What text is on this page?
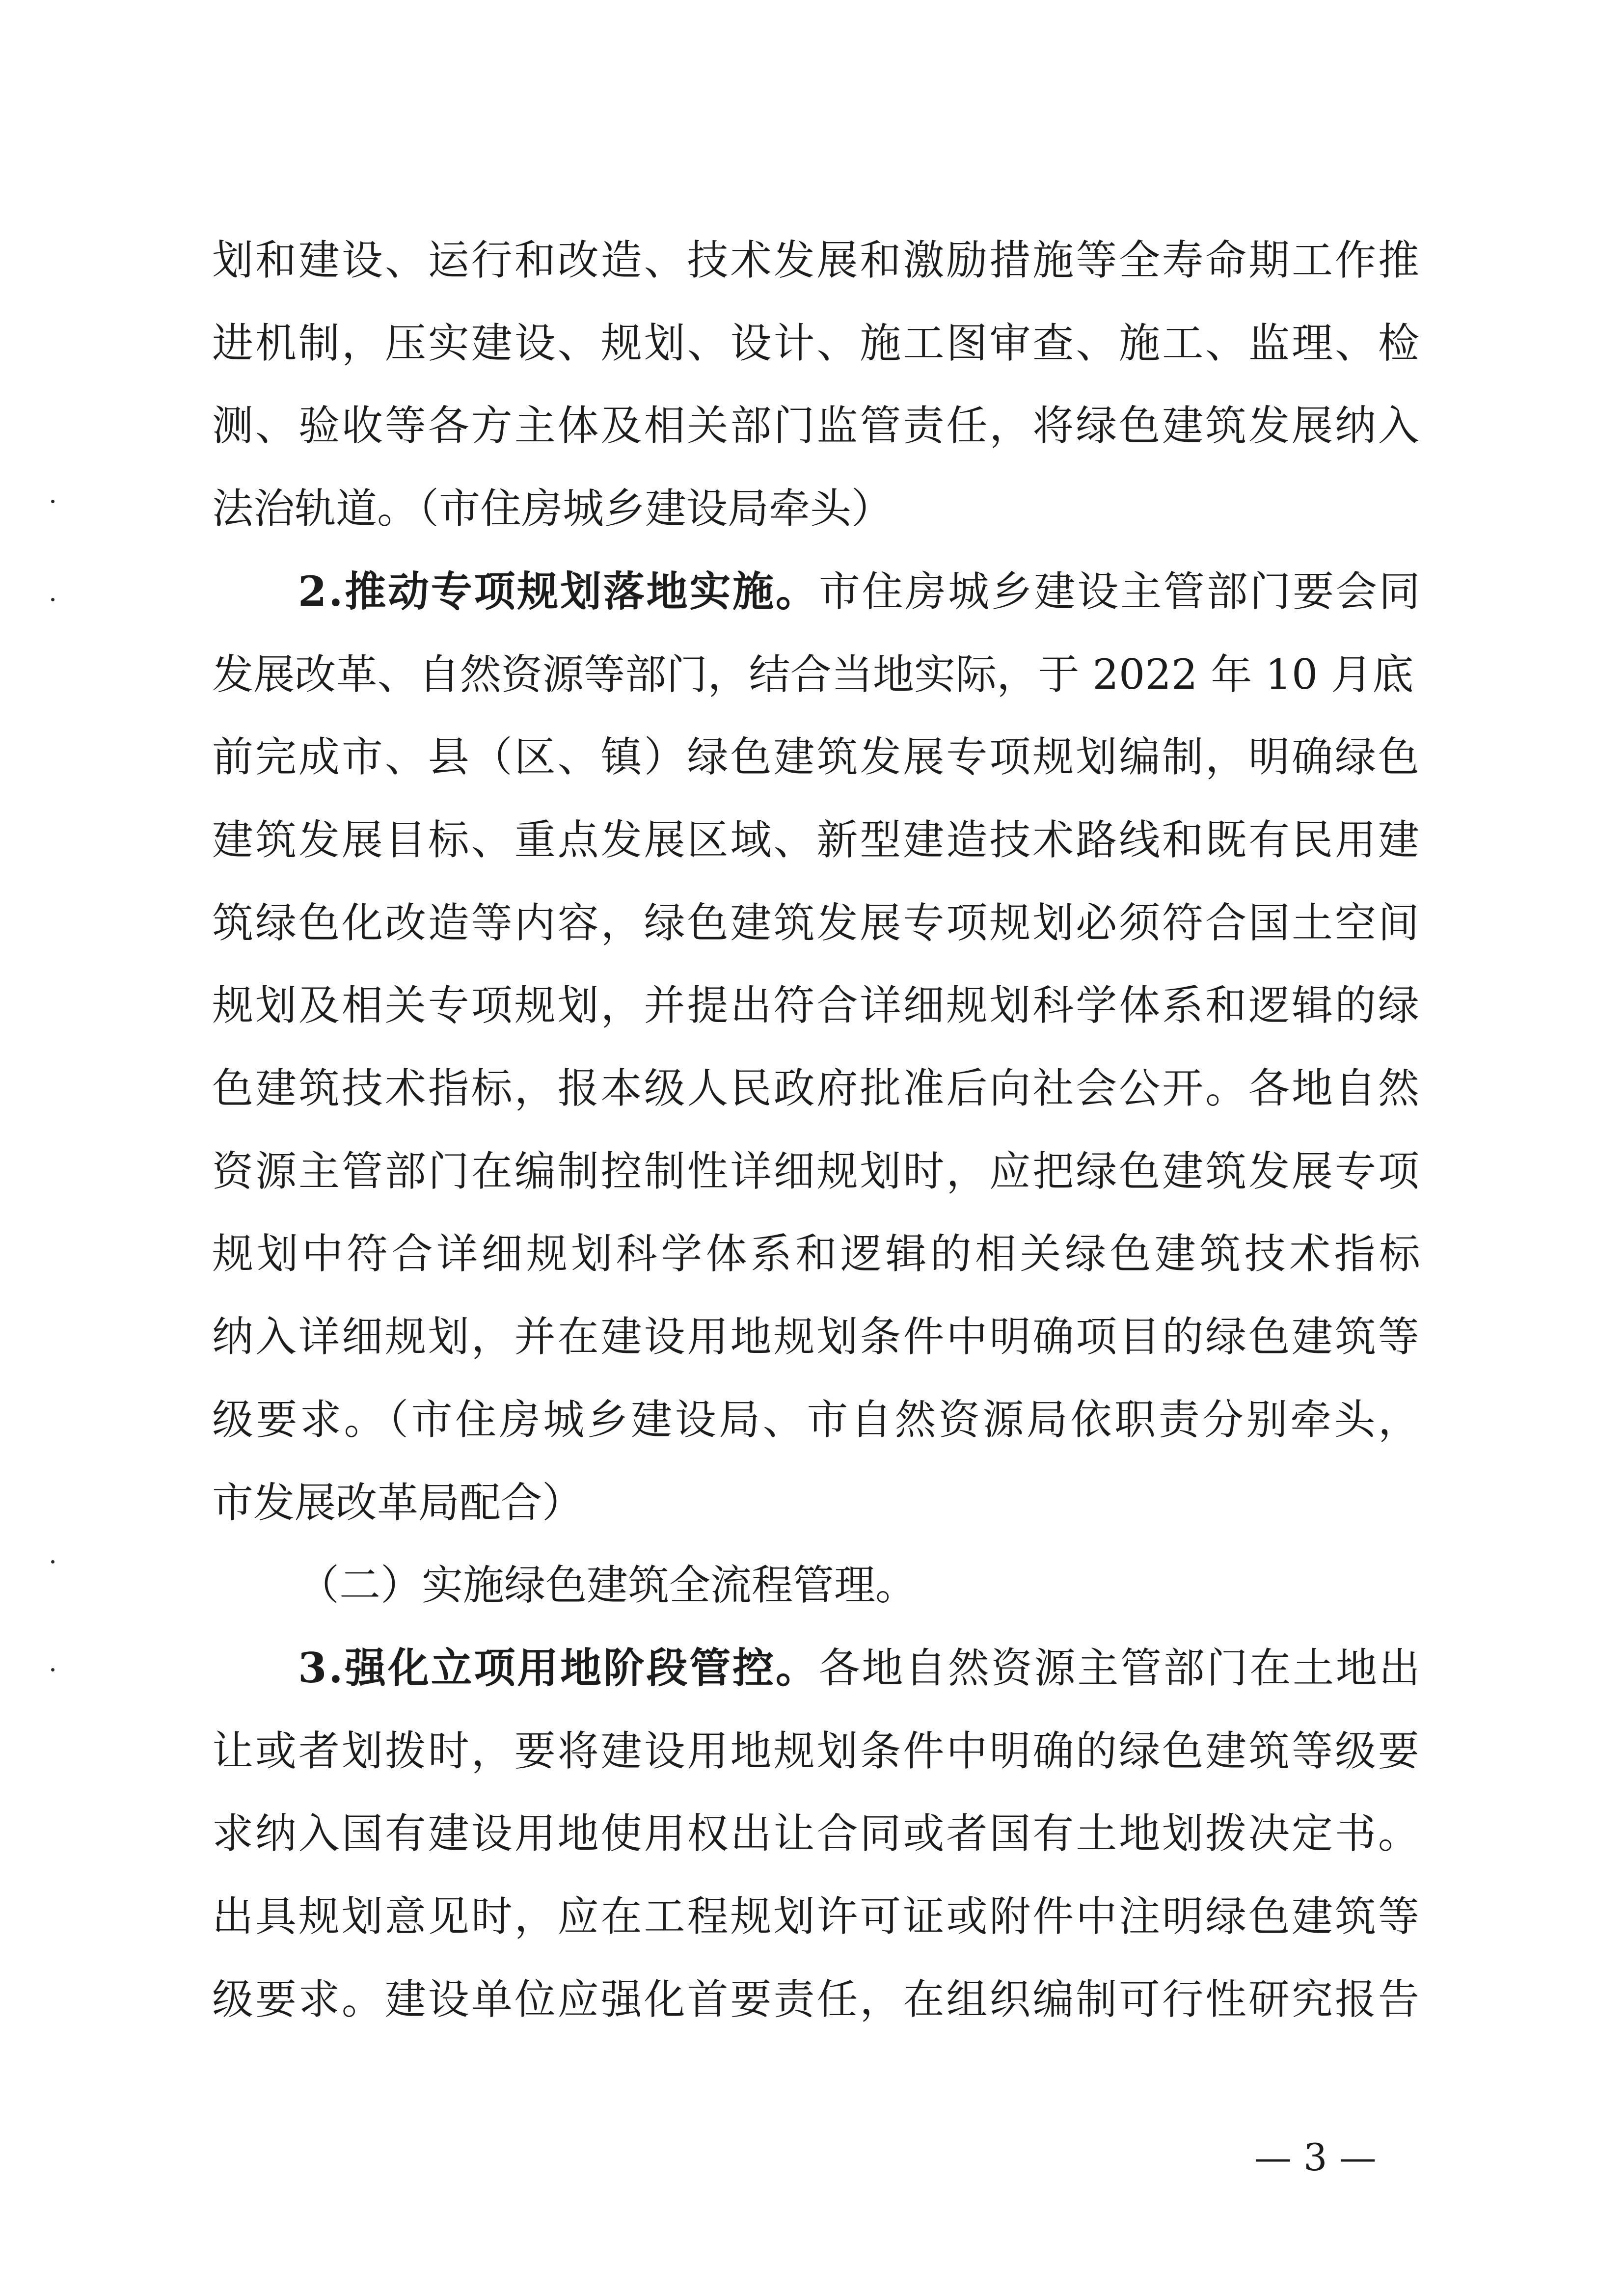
划和建设、运行和改造、技术发展和激励措施等全寿命期工作推
进机制，压实建设、规划、设计、施工图审查、施工、监理、检
测、验收等各方主体及相关部门监管责任，将绿色建筑发展纳入
法治轨道。（市住房城乡建设局牵头）
2.推动专项规划落地实施。市住房城乡建设主管部门要会同
发展改革、自然资源等部门，结合当地实际，于 2022 年 10 月底
前完成市、县（区、镇）绿色建筑发展专项规划编制，明确绿色
建筑发展目标、重点发展区域、新型建造技术路线和既有民用建
筑绿色化改造等内容，绿色建筑发展专项规划必须符合国土空间
规划及相关专项规划，并提出符合详细规划科学体系和逻辑的绿
色建筑技术指标，报本级人民政府批准后向社会公开。各地自然
资源主管部门在编制控制性详细规划时，应把绿色建筑发展专项
规划中符合详细规划科学体系和逻辑的相关绿色建筑技术指标
纳入详细规划，并在建设用地规划条件中明确项目的绿色建筑等
级要求。（市住房城乡建设局、市自然资源局依职责分别牵头，
市发展改革局配合）
（二）实施绿色建筑全流程管理。
3.强化立项用地阶段管控。各地自然资源主管部门在土地出
让或者划拨时，要将建设用地规划条件中明确的绿色建筑等级要
求纳入国有建设用地使用权出让合同或者国有土地划拨决定书。
出具规划意见时，应在工程规划许可证或附件中注明绿色建筑等
级要求。建设单位应强化首要责任，在组织编制可行性研究报告
— 3 —
